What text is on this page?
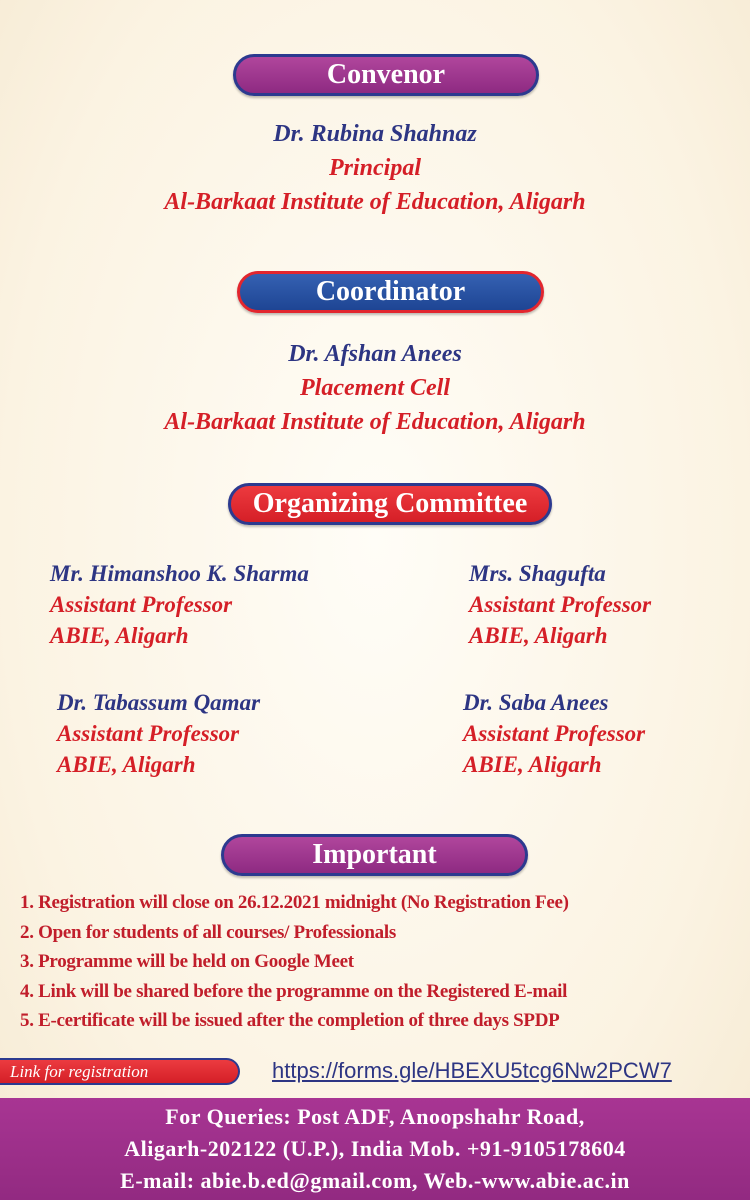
Convenor
Dr. Rubina Shahnaz
Principal
Al-Barkaat Institute of Education, Aligarh
Coordinator
Dr. Afshan Anees
Placement Cell
Al-Barkaat Institute of Education, Aligarh
Organizing Committee
Mr. Himanshoo K. Sharma
Assistant Professor
ABIE, Aligarh
Mrs. Shagufta
Assistant Professor
ABIE, Aligarh
Dr. Tabassum Qamar
Assistant Professor
ABIE, Aligarh
Dr. Saba Anees
Assistant Professor
ABIE, Aligarh
Important
1. Registration will close on 26.12.2021 midnight (No Registration Fee)
2. Open for students of all courses/ Professionals
3. Programme will be held on Google Meet
4. Link will be shared before the programme on the Registered E-mail
5. E-certificate will be issued after the completion of three days SPDP
Link for registration	https://forms.gle/HBEXU5tcg6Nw2PCW7
For Queries: Post ADF, Anoopshahr Road,
Aligarh-202122 (U.P.), India Mob. +91-9105178604
E-mail: abie.b.ed@gmail.com, Web.-www.abie.ac.in
